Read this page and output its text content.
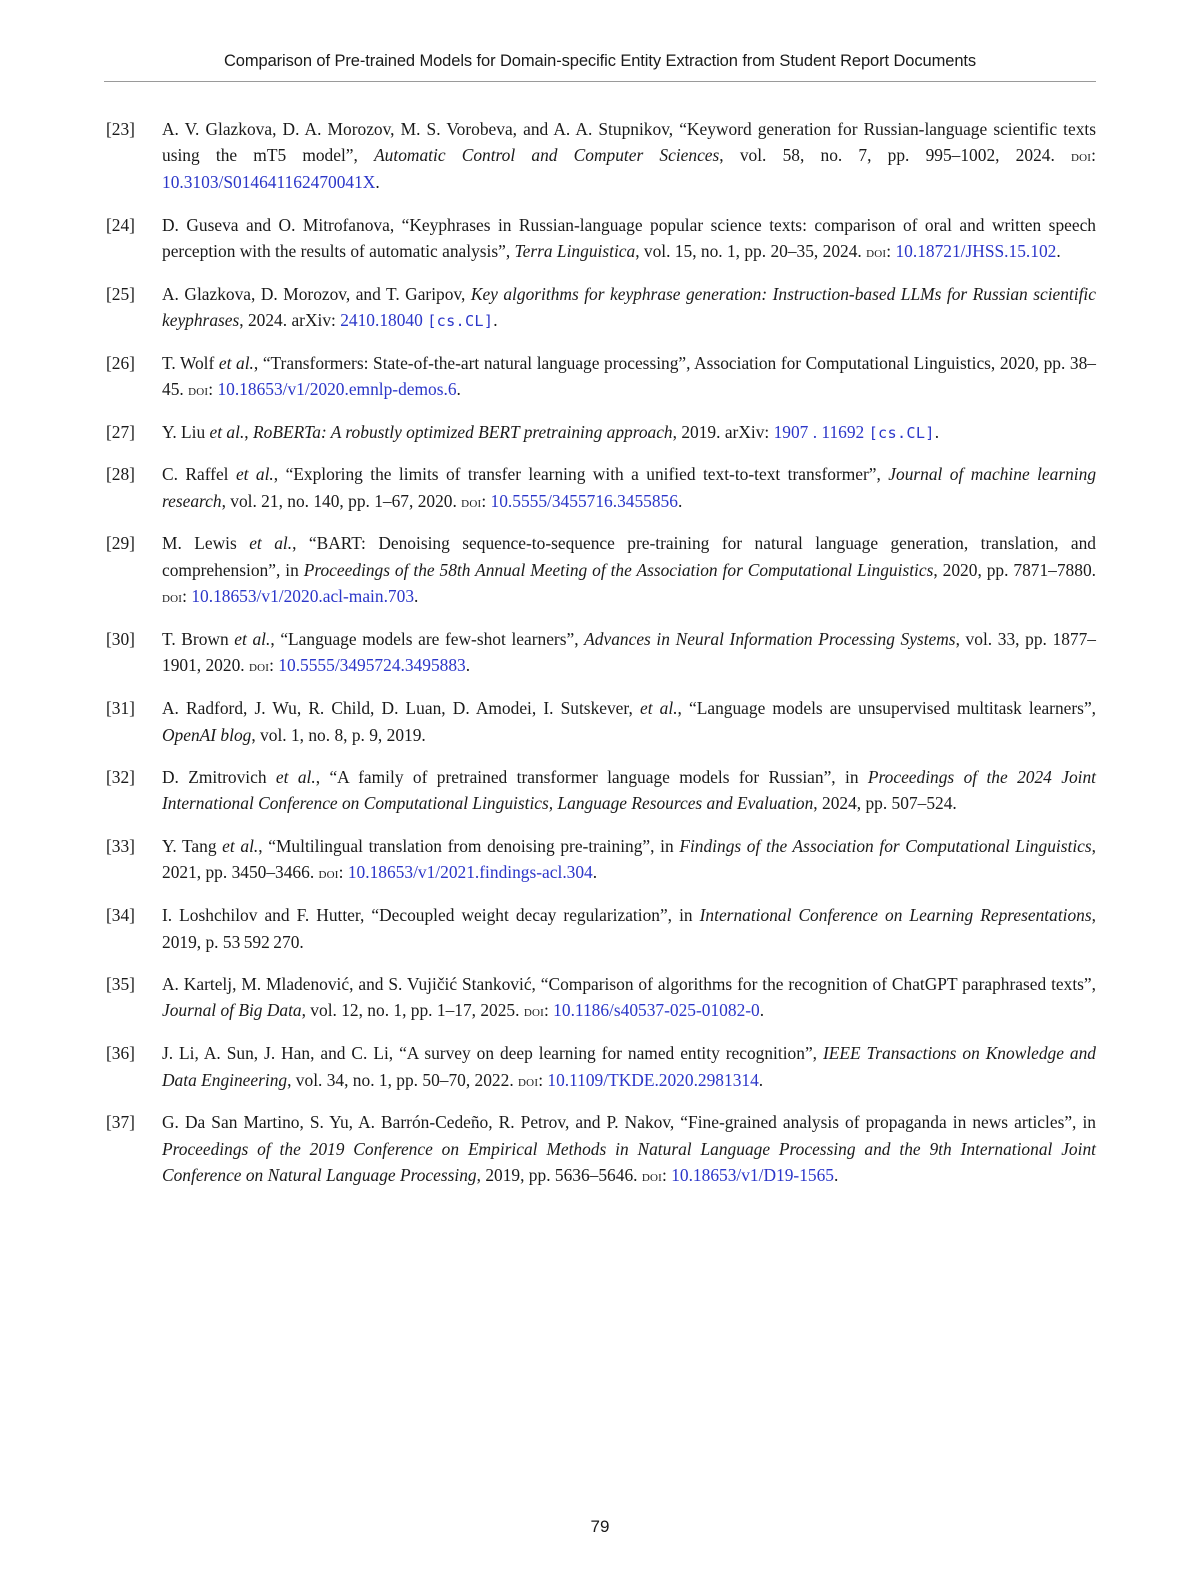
Comparison of Pre-trained Models for Domain-specific Entity Extraction from Student Report Documents
[23]	A. V. Glazkova, D. A. Morozov, M. S. Vorobeva, and A. A. Stupnikov, “Keyword generation for Russian-language scientific texts using the mT5 model”, Automatic Control and Computer Sciences, vol. 58, no. 7, pp. 995–1002, 2024. doi: 10.3103/S014641162470041X.
[24]	D. Guseva and O. Mitrofanova, “Keyphrases in Russian-language popular science texts: comparison of oral and written speech perception with the results of automatic analysis”, Terra Linguistica, vol. 15, no. 1, pp. 20–35, 2024. doi: 10.18721/JHSS.15.102.
[25]	A. Glazkova, D. Morozov, and T. Garipov, Key algorithms for keyphrase generation: Instruction-based LLMs for Russian scientific keyphrases, 2024. arXiv: 2410.18040 [cs.CL].
[26]	T. Wolf et al., “Transformers: State-of-the-art natural language processing”, Association for Computational Linguistics, 2020, pp. 38–45. doi: 10.18653/v1/2020.emnlp-demos.6.
[27]	Y. Liu et al., RoBERTa: A robustly optimized BERT pretraining approach, 2019. arXiv: 1907 . 11692 [cs.CL].
[28]	C. Raffel et al., “Exploring the limits of transfer learning with a unified text-to-text transformer”, Journal of machine learning research, vol. 21, no. 140, pp. 1–67, 2020. doi: 10.5555/3455716.3455856.
[29]	M. Lewis et al., “BART: Denoising sequence-to-sequence pre-training for natural language generation, translation, and comprehension”, in Proceedings of the 58th Annual Meeting of the Association for Computational Linguistics, 2020, pp. 7871–7880. doi: 10.18653/v1/2020.acl-main.703.
[30]	T. Brown et al., “Language models are few-shot learners”, Advances in Neural Information Processing Systems, vol. 33, pp. 1877–1901, 2020. doi: 10.5555/3495724.3495883.
[31]	A. Radford, J. Wu, R. Child, D. Luan, D. Amodei, I. Sutskever, et al., “Language models are unsupervised multitask learners”, OpenAI blog, vol. 1, no. 8, p. 9, 2019.
[32]	D. Zmitrovich et al., “A family of pretrained transformer language models for Russian”, in Proceedings of the 2024 Joint International Conference on Computational Linguistics, Language Resources and Evaluation, 2024, pp. 507–524.
[33]	Y. Tang et al., “Multilingual translation from denoising pre-training”, in Findings of the Association for Computational Linguistics, 2021, pp. 3450–3466. doi: 10.18653/v1/2021.findings-acl.304.
[34]	I. Loshchilov and F. Hutter, “Decoupled weight decay regularization”, in International Conference on Learning Representations, 2019, p. 53 592 270.
[35]	A. Kartelj, M. Mladenović, and S. Vujičić Stanković, “Comparison of algorithms for the recognition of ChatGPT paraphrased texts”, Journal of Big Data, vol. 12, no. 1, pp. 1–17, 2025. doi: 10.1186/s40537-025-01082-0.
[36]	J. Li, A. Sun, J. Han, and C. Li, “A survey on deep learning for named entity recognition”, IEEE Transactions on Knowledge and Data Engineering, vol. 34, no. 1, pp. 50–70, 2022. doi: 10.1109/TKDE.2020.2981314.
[37]	G. Da San Martino, S. Yu, A. Barrón-Cedeño, R. Petrov, and P. Nakov, “Fine-grained analysis of propaganda in news articles”, in Proceedings of the 2019 Conference on Empirical Methods in Natural Language Processing and the 9th International Joint Conference on Natural Language Processing, 2019, pp. 5636–5646. doi: 10.18653/v1/D19-1565.
79
